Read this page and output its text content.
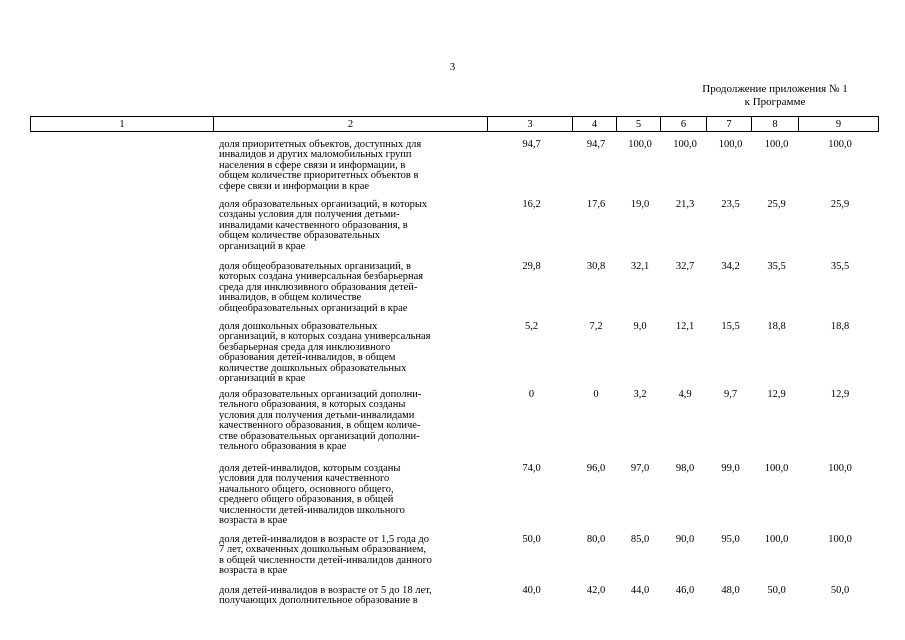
3
Продолжение приложения № 1
к Программе
1	2	3	4	5	6	7	8	9
доля приоритетных объектов, доступных для
инвалидов и других маломобильных групп
населения в сфере связи и информации, в
общем количестве приоритетных объектов в
сфере связи и информации в крае
94,7	94,7	100,0	100,0	100,0	100,0	100,0
доля образовательных организаций, в которых
созданы условия для получения детьми-
инвалидами качественного образования, в
общем количестве образовательных
организаций в крае
16,2	17,6	19,0	21,3	23,5	25,9	25,9
доля общеобразовательных организаций, в
которых создана универсальная безбарьерная
среда для инклюзивного образования детей-
инвалидов, в общем количестве
общеобразовательных организаций в крае
29,8	30,8	32,1	32,7	34,2	35,5	35,5
доля дошкольных образовательных
организаций, в которых создана универсальная
безбарьерная среда для инклюзивного
образования детей-инвалидов, в общем
количестве дошкольных образовательных
организаций в крае
5,2	7,2	9,0	12,1	15,5	18,8	18,8
доля образовательных организаций дополни-
тельного образования, в которых созданы
условия для получения детьми-инвалидами
качественного образования, в общем количе-
стве образовательных организаций дополни-
тельного образования в крае
0	0	3,2	4,9	9,7	12,9	12,9
доля детей-инвалидов, которым созданы
условия для получения качественного
начального общего, основного общего,
среднего общего образования, в общей
численности детей-инвалидов школьного
возраста в крае
74,0	96,0	97,0	98,0	99,0	100,0	100,0
доля детей-инвалидов в возрасте от 1,5 года до
7 лет, охваченных дошкольным образованием,
в общей численности детей-инвалидов данного
возраста в крае
50,0	80,0	85,0	90,0	95,0	100,0	100,0
доля детей-инвалидов в возрасте от 5 до 18 лет,
получающих дополнительное образование в
40,0	42,0	44,0	46,0	48,0	50,0	50,0
